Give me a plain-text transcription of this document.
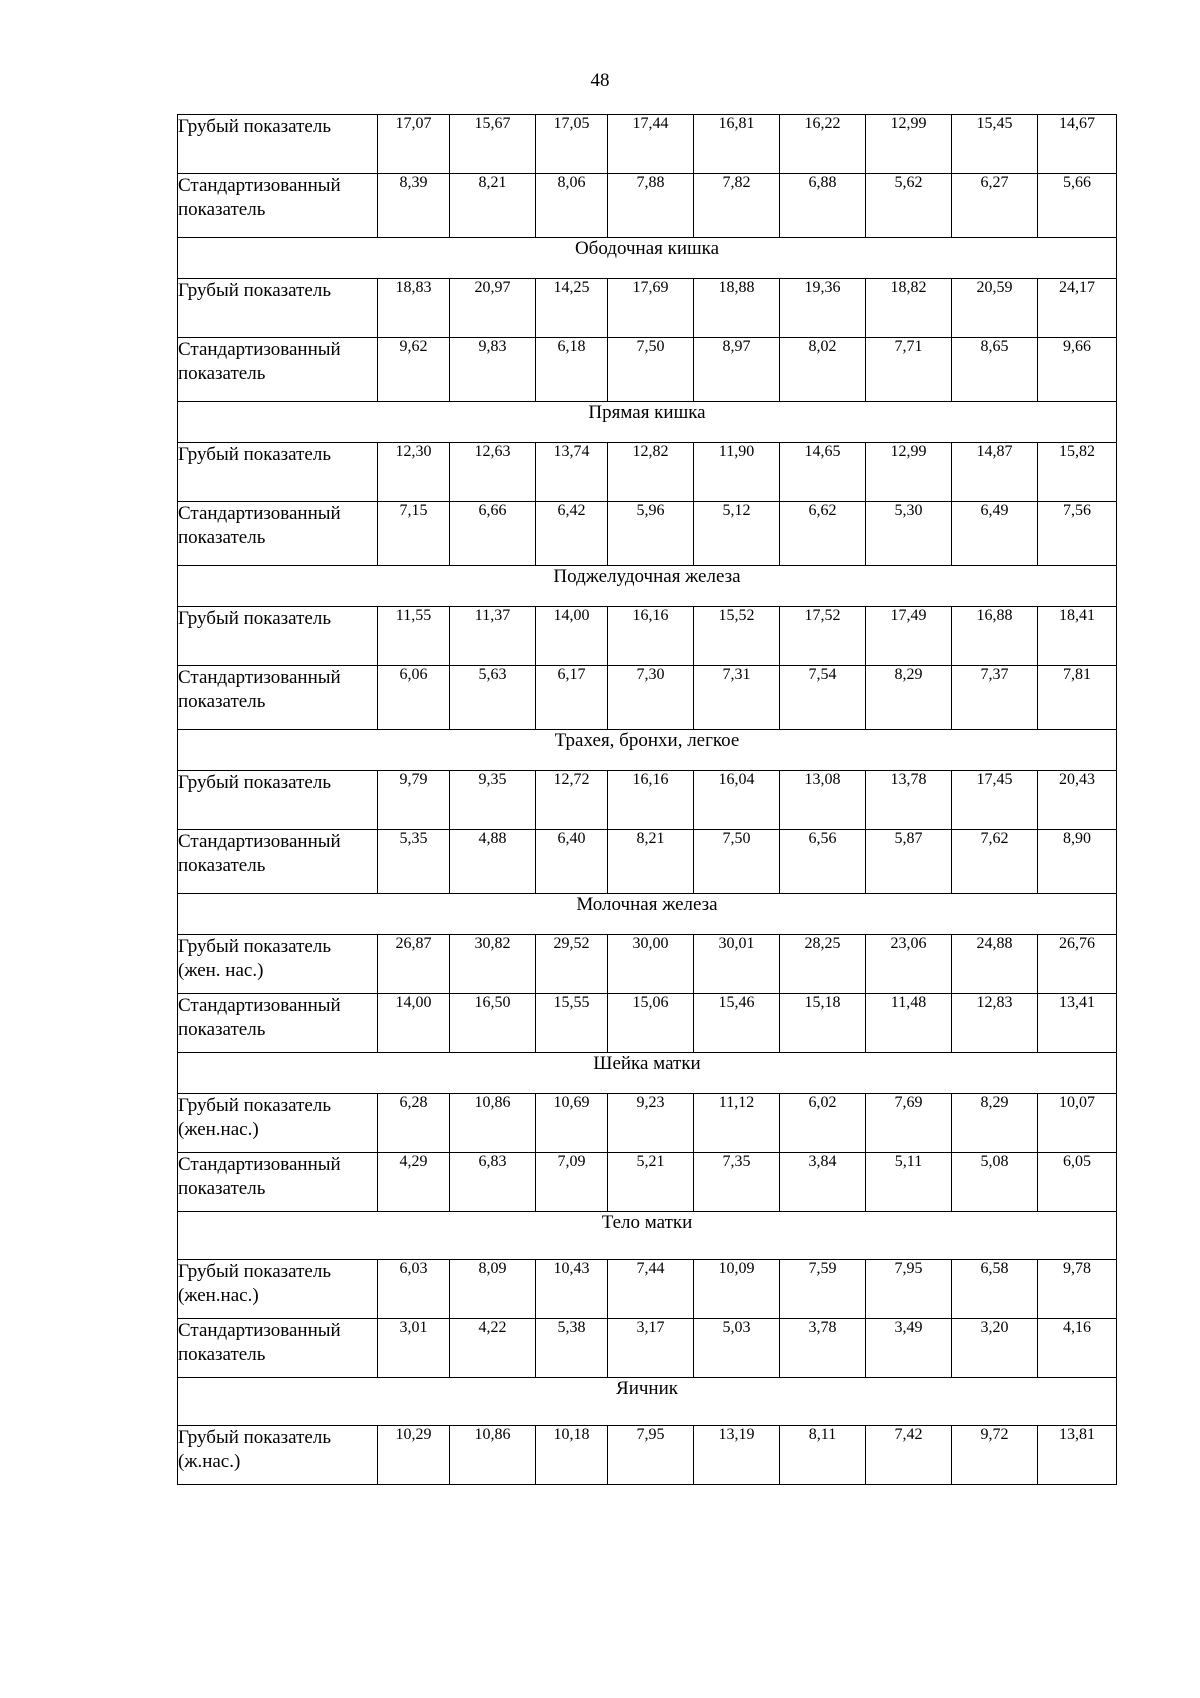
48
Грубый показатель	17,07	15,67	17,05	17,44	16,81	16,22	12,99	15,45	14,67
Стандартизованный показатель	8,39	8,21	8,06	7,88	7,82	6,88	5,62	6,27	5,66
Ободочная кишка									
Грубый показатель	18,83	20,97	14,25	17,69	18,88	19,36	18,82	20,59	24,17
Стандартизованный показатель	9,62	9,83	6,18	7,50	8,97	8,02	7,71	8,65	9,66
Прямая кишка									
Грубый показатель	12,30	12,63	13,74	12,82	11,90	14,65	12,99	14,87	15,82
Стандартизованный показатель	7,15	6,66	6,42	5,96	5,12	6,62	5,30	6,49	7,56
Поджелудочная железа									
Грубый показатель	11,55	11,37	14,00	16,16	15,52	17,52	17,49	16,88	18,41
Стандартизованный показатель	6,06	5,63	6,17	7,30	7,31	7,54	8,29	7,37	7,81
Трахея, бронхи, легкое									
Грубый показатель	9,79	9,35	12,72	16,16	16,04	13,08	13,78	17,45	20,43
Стандартизованный показатель	5,35	4,88	6,40	8,21	7,50	6,56	5,87	7,62	8,90
Молочная железа									
Грубый показатель (жен. нас.)	26,87	30,82	29,52	30,00	30,01	28,25	23,06	24,88	26,76
Стандартизованный показатель	14,00	16,50	15,55	15,06	15,46	15,18	11,48	12,83	13,41
Шейка матки									
Грубый показатель (жен.нас.)	6,28	10,86	10,69	9,23	11,12	6,02	7,69	8,29	10,07
Стандартизованный показатель	4,29	6,83	7,09	5,21	7,35	3,84	5,11	5,08	6,05
Тело матки									
Грубый показатель (жен.нас.)	6,03	8,09	10,43	7,44	10,09	7,59	7,95	6,58	9,78
Стандартизованный показатель	3,01	4,22	5,38	3,17	5,03	3,78	3,49	3,20	4,16
Яичник									
Грубый показатель (ж.нас.)	10,29	10,86	10,18	7,95	13,19	8,11	7,42	9,72	13,81
